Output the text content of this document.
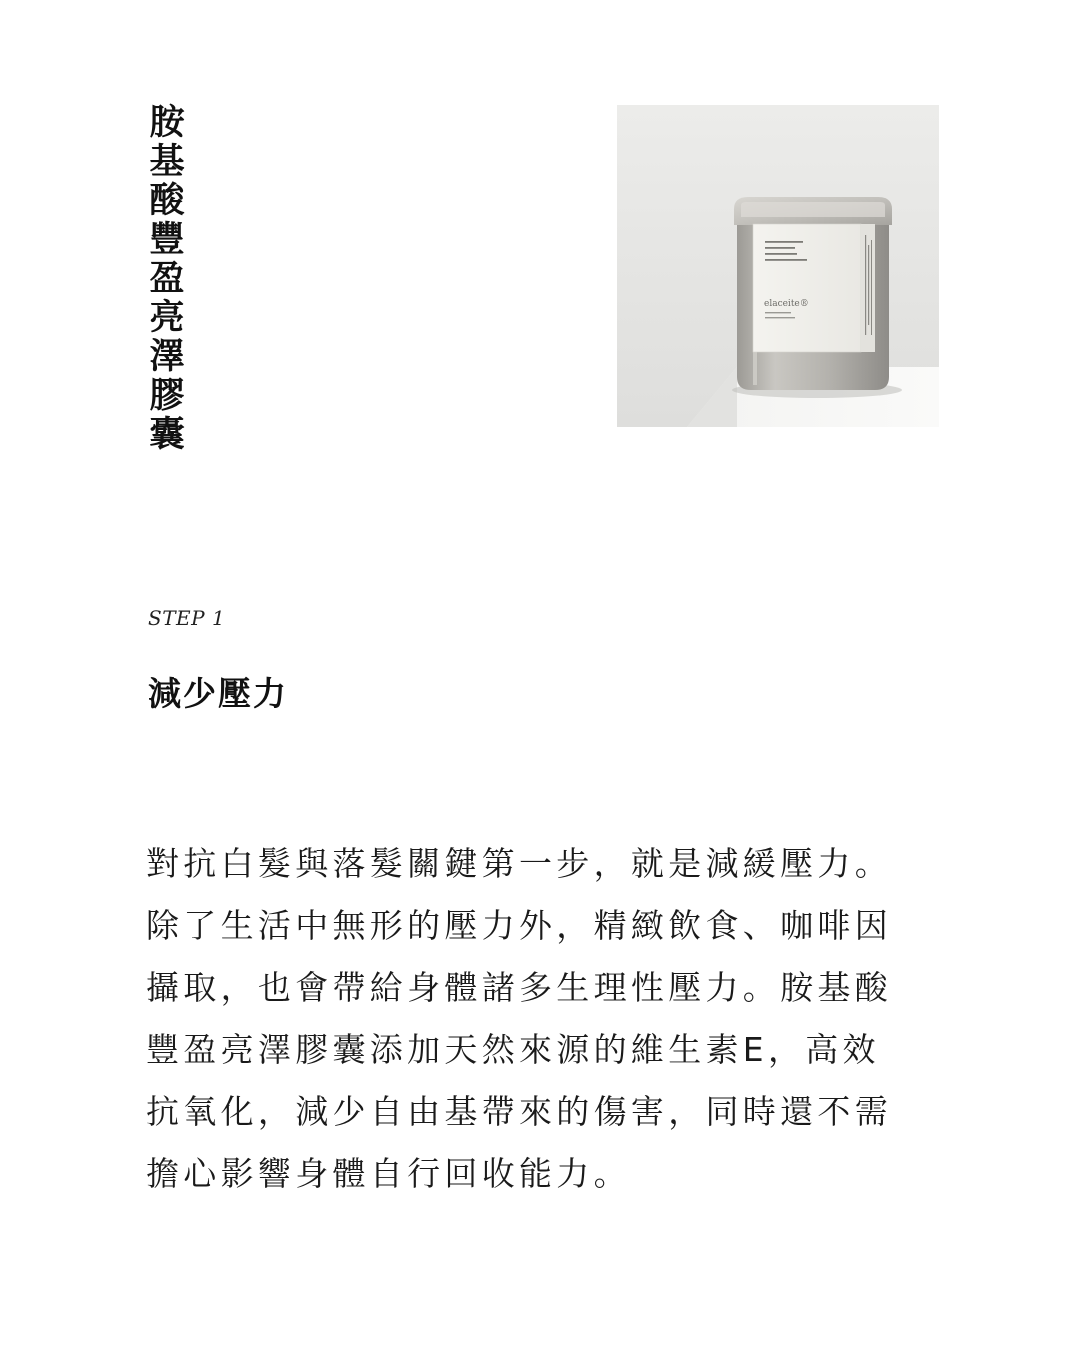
胺基酸豐盈亮澤膠囊
elaceite®
STEP 1
減少壓力

對抗白髮與落髮關鍵第一步，就是減緩壓力。

除了生活中無形的壓力外，精緻飲食、咖啡因

攝取，也會帶給身體諸多生理性壓力。胺基酸

豐盈亮澤膠囊添加天然來源的維生素E，高效

抗氧化，減少自由基帶來的傷害，同時還不需

擔心影響身體自行回收能力。
